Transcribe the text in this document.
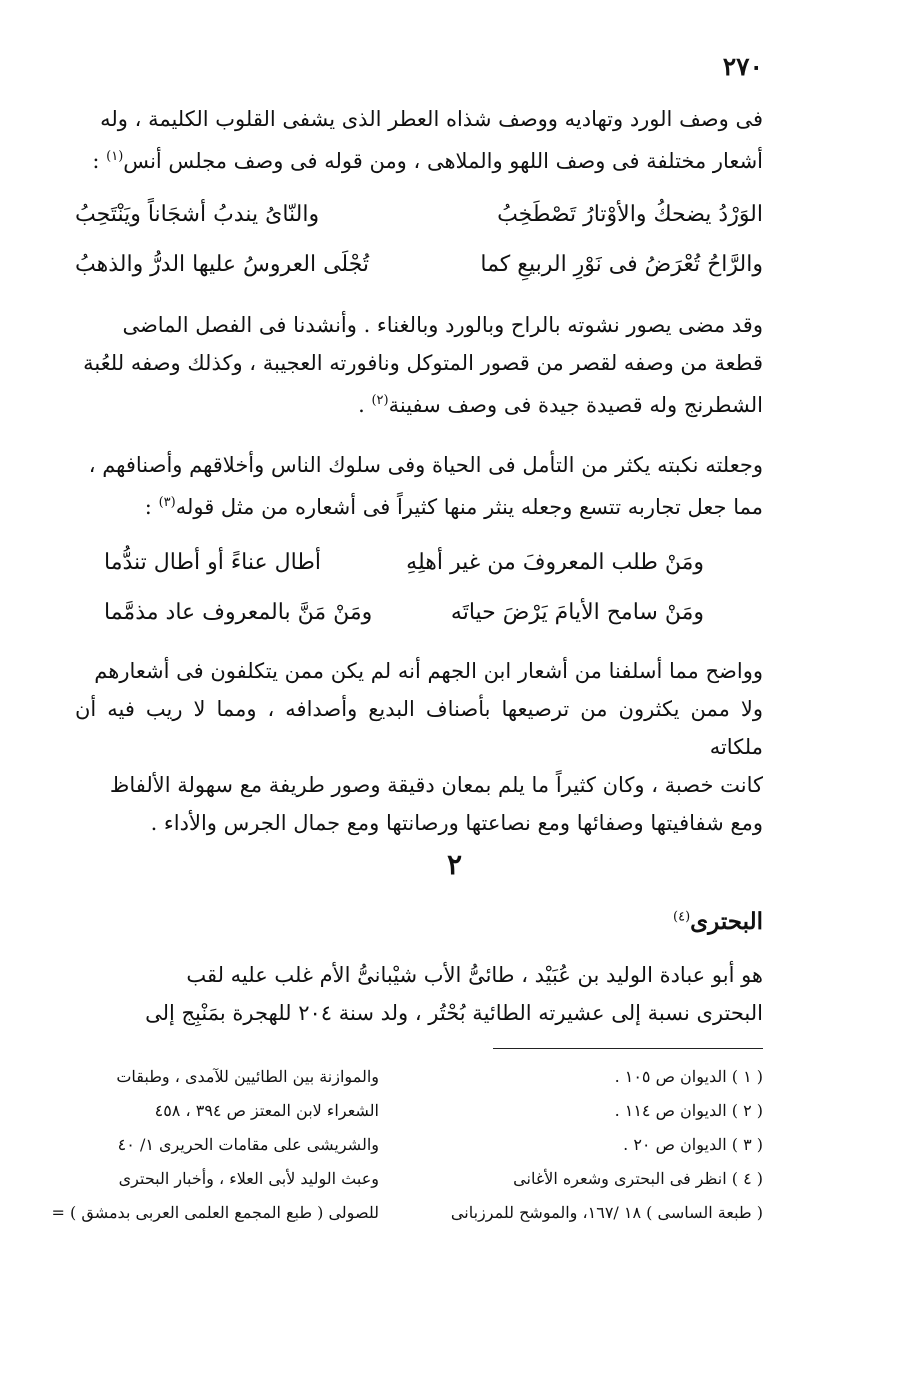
٢٧٠
فى وصف الورد وتهاديه ووصف شذاه العطر الذى يشفى القلوب الكليمة ، وله
أشعار مختلفة فى وصف اللهو والملاهى ، ومن قوله فى وصف مجلس أنس$^{(١)}$ :
الوَرْدُ يضحكُ والأوْتارُ تَصْطَخِبُ
والنّاىُ يندبُ أشجَاناً ويَنْتَحِبُ
والرَّاحُ تُعْرَضُ فى نَوْرِ الربيعِ كما
تُجْلَى العروسُ عليها الدرُّ والذهبُ
وقد مضى يصور نشوته بالراح وبالورد وبالغناء . وأنشدنا فى الفصل الماضى
قطعة من وصفه لقصر من قصور المتوكل ونافورته العجيبة ، وكذلك وصفه للعُبة
الشطرنج وله قصيدة جيدة فى وصف سفينة$^{(٢)}$ .
وجعلته نكبته يكثر من التأمل فى الحياة وفى سلوك الناس وأخلاقهم وأصنافهم ،
مما جعل تجاربه تتسع وجعله ينثر منها كثيراً فى أشعاره من مثل قوله$^{(٣)}$ :
ومَنْ طلب المعروفَ من غير أهلِهِ
أطال عناءً أو أطال تندُّما
ومَنْ سامح الأيامَ يَرْضَ حياتَه
ومَنْ مَنَّ بالمعروف عاد مذمَّما
وواضح مما أسلفنا من أشعار ابن الجهم أنه لم يكن ممن يتكلفون فى أشعارهم
ولا ممن يكثرون من ترصيعها بأصناف البديع وأصدافه ، ومما لا ريب فيه أن ملكاته
كانت خصبة ، وكان كثيراً ما يلم بمعان دقيقة وصور طريفة مع سهولة الألفاظ
ومع شفافيتها وصفائها ومع نصاعتها ورصانتها ومع جمال الجرس والأداء .
٢
البحترى$^{(٤)}$
هو أبو عبادة الوليد بن عُبَيْد ، طائىُّ الأب شيْبانىُّ الأم غلب عليه لقب
البحترى نسبة إلى عشيرته الطائية بُحْتُر ، ولد سنة ٢٠٤ للهجرة بمَنْبِج إلى
( ١ ) الديوان ص ١٠٥ .
( ٢ ) الديوان ص ١١٤ .
( ٣ ) الديوان ص ٢٠ .
( ٤ ) انظر فى البحترى وشعره الأغانى
( طبعة الساسى ) ١٨ /١٦٧، والموشح للمرزبانى
والموازنة بين الطائيين للآمدى ، وطبقات
الشعراء لابن المعتز ص ٣٩٤ ، ٤٥٨
والشريشى على مقامات الحريرى ١/ ٤٠
وعبث الوليد لأبى العلاء ، وأخبار البحترى
للصولى ( طبع المجمع العلمى العربى بدمشق ) =
